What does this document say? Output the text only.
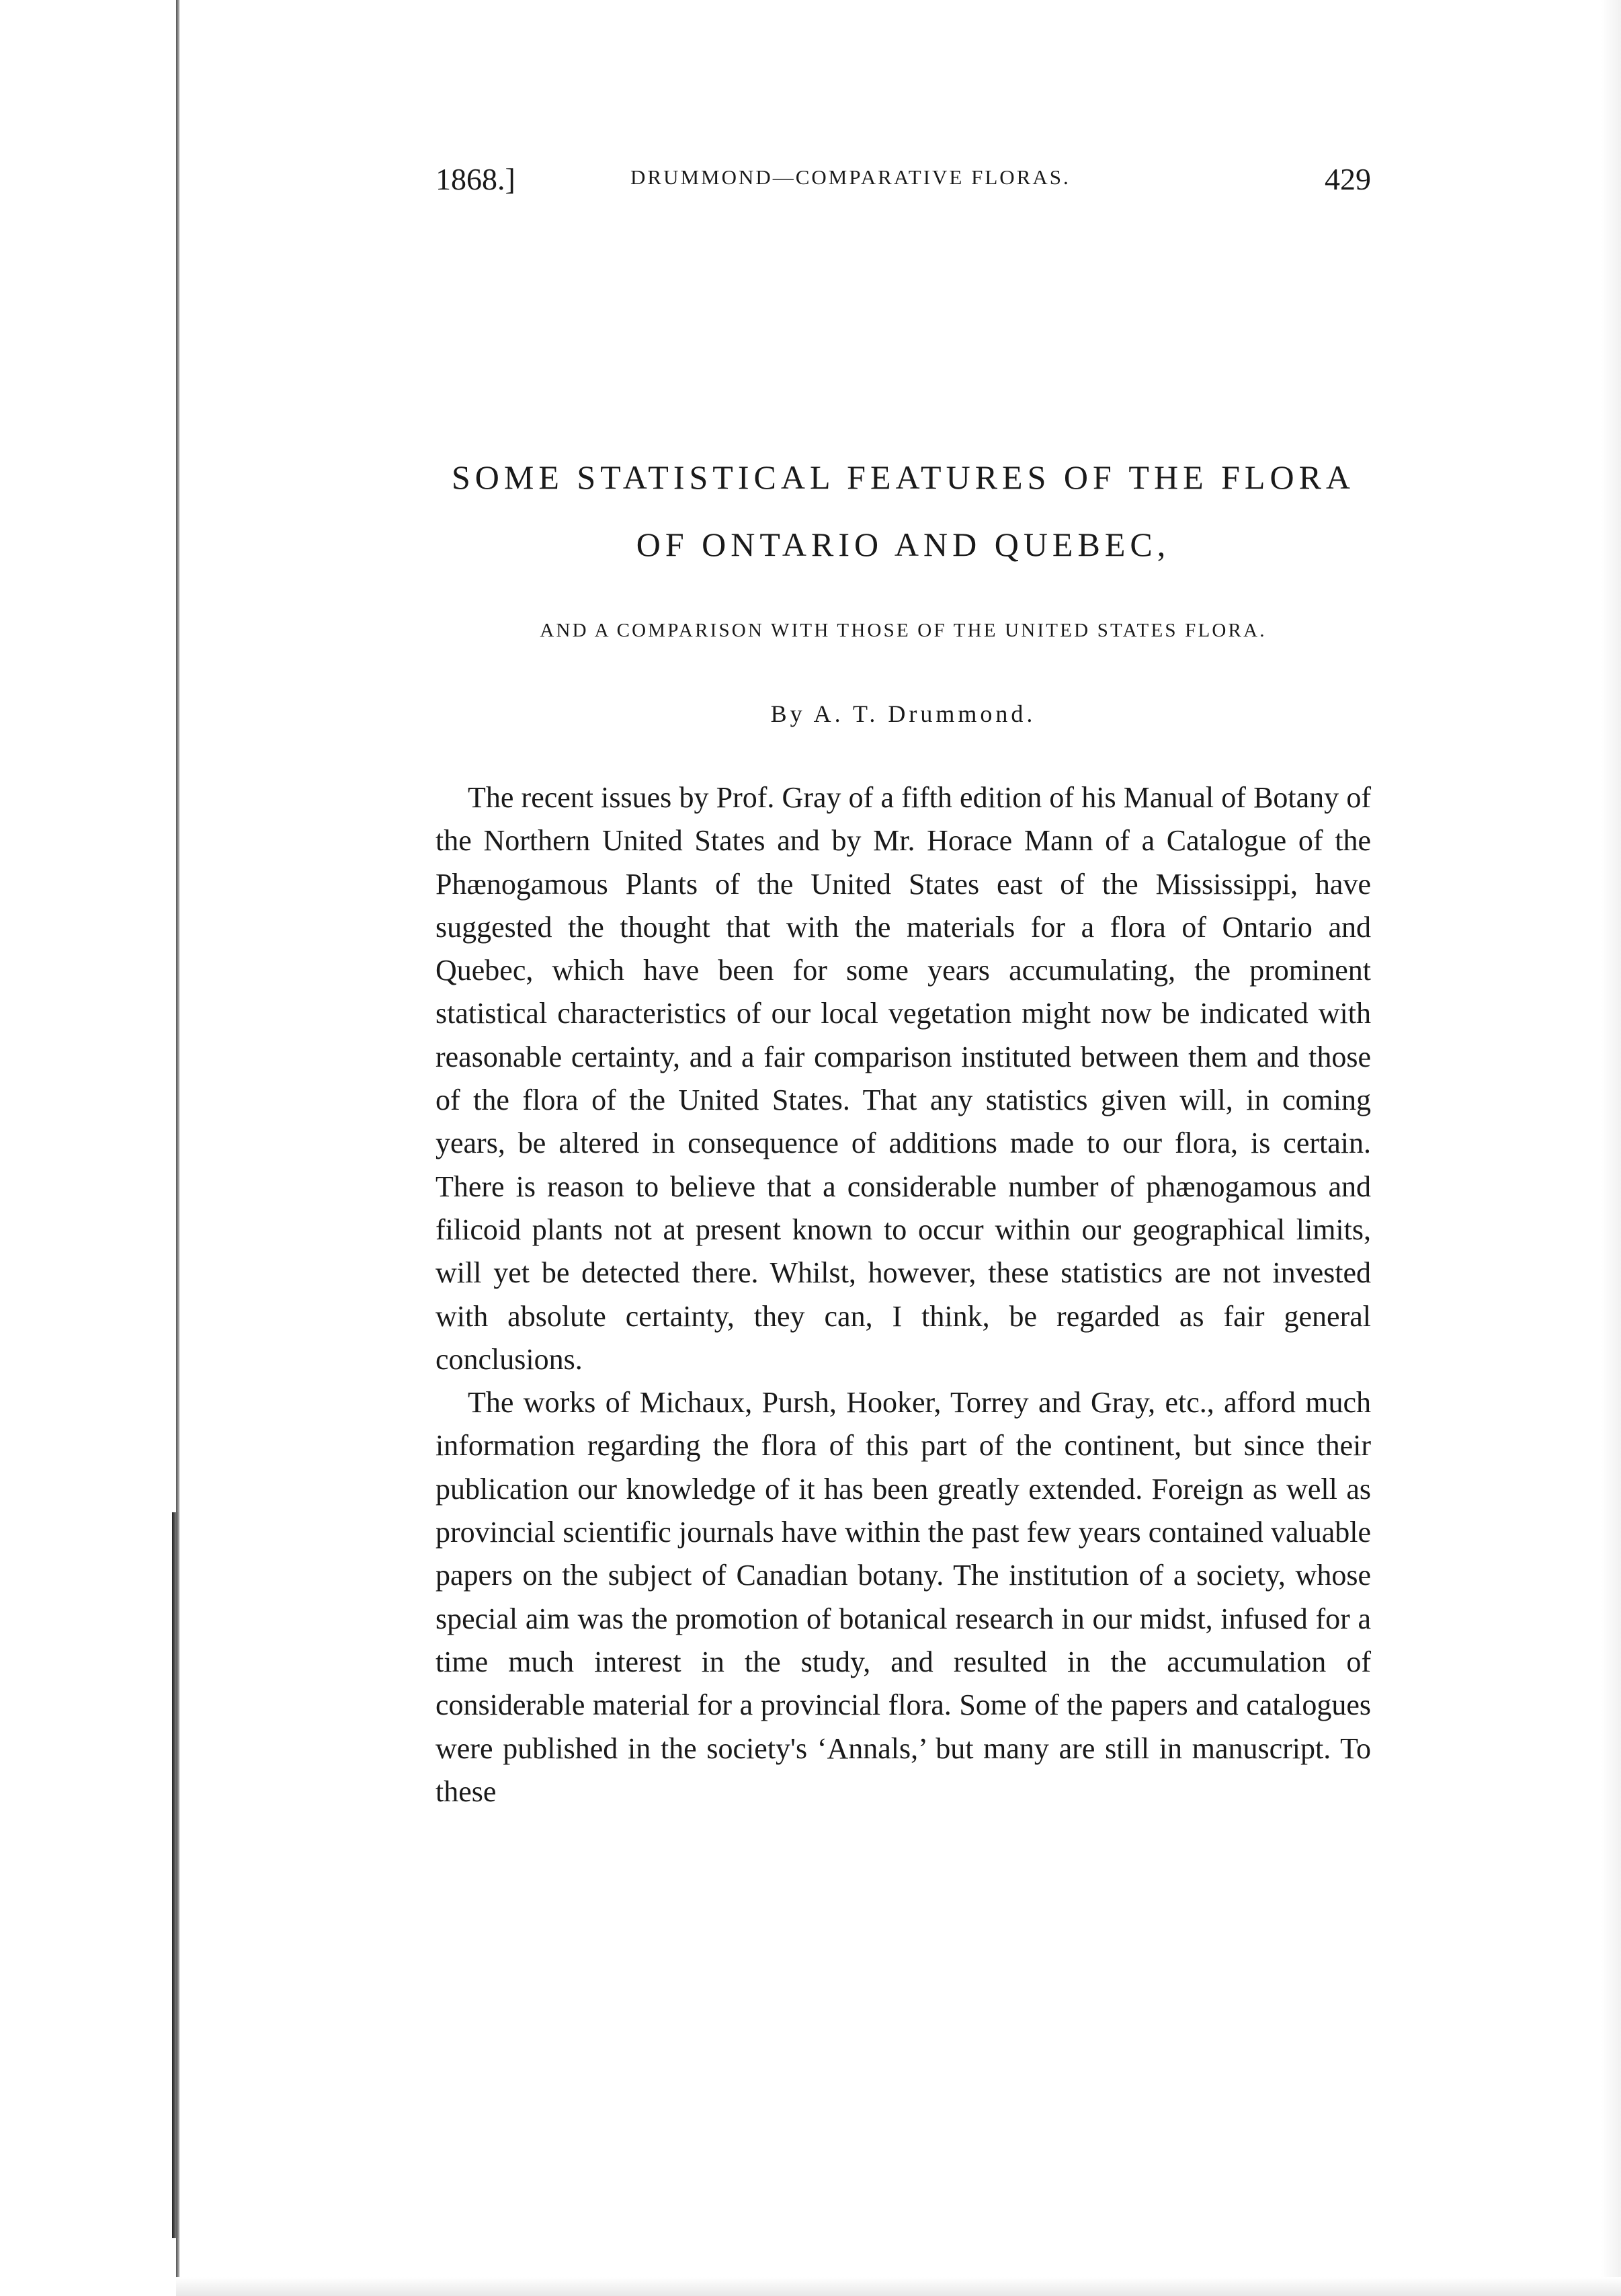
1868.]	DRUMMOND—COMPARATIVE FLORAS.	429
SOME STATISTICAL FEATURES OF THE FLORA
OF ONTARIO AND QUEBEC,
AND A COMPARISON WITH THOSE OF THE UNITED STATES FLORA.
By A. T. Drummond.

The recent issues by Prof. Gray of a fifth edition of his Manual of Botany of the Northern United States and by Mr. Horace Mann of a Catalogue of the Phænogamous Plants of the United States east of the Mississippi, have suggested the thought that with the materials for a flora of Ontario and Quebec, which have been for some years accumulating, the prominent statistical characteristics of our local vegetation might now be indicated with reasonable certainty, and a fair comparison instituted between them and those of the flora of the United States. That any statistics given will, in coming years, be altered in consequence of additions made to our flora, is certain. There is reason to believe that a considerable number of phænogamous and filicoid plants not at present known to occur within our geographical limits, will yet be detected there. Whilst, however, these statistics are not invested with absolute certainty, they can, I think, be regarded as fair general conclusions.

The works of Michaux, Pursh, Hooker, Torrey and Gray, etc., afford much information regarding the flora of this part of the continent, but since their publication our knowledge of it has been greatly extended. Foreign as well as provincial scientific journals have within the past few years contained valuable papers on the subject of Canadian botany. The institution of a society, whose special aim was the promotion of botanical research in our midst, infused for a time much interest in the study, and resulted in the accumulation of considerable material for a provincial flora. Some of the papers and catalogues were published in the society's ‘Annals,’ but many are still in manuscript. To these
